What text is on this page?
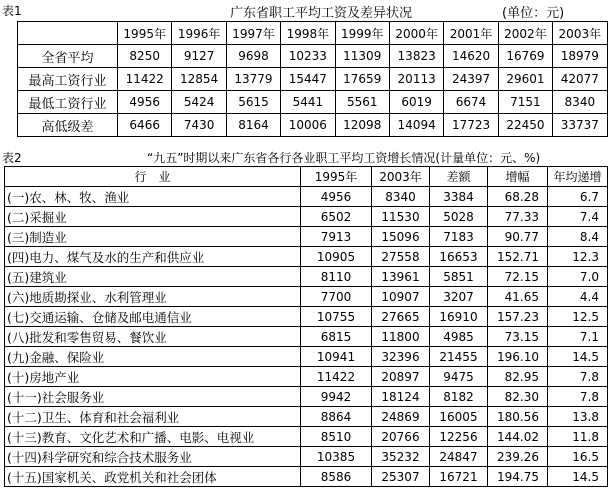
表1	广东省职工平均工资及差异状况	(单位：元)
	1995年	1996年	1997年	1998年	1999年	2000年	2001年	2002年	2003年
全省平均	8250	9127	9698	10233	11309	13823	14620	16769	18979
最高工资行业	11422	12854	13779	15447	17659	20113	24397	29601	42077
最低工资行业	4956	5424	5615	5441	5561	6019	6674	7151	8340
高低级差	6466	7430	8164	10006	12098	14094	17723	22450	33737
表2	“九五”时期以来广东省各行各业职工平均工资增长情况(计量单位：元、%)
行　业	1995年	2003年	差额	增幅	年均递增
(一)农、林、牧、渔业	4956	8340	3384	68.28	6.7
(二)采掘业	6502	11530	5028	77.33	7.4
(三)制造业	7913	15096	7183	90.77	8.4
(四)电力、煤气及水的生产和供应业	10905	27558	16653	152.71	12.3
(五)建筑业	8110	13961	5851	72.15	7.0
(六)地质勘探业、水利管理业	7700	10907	3207	41.65	4.4
(七)交通运输、仓储及邮电通信业	10755	27665	16910	157.23	12.5
(八)批发和零售贸易、餐饮业	6815	11800	4985	73.15	7.1
(九)金融、保险业	10941	32396	21455	196.10	14.5
(十)房地产业	11422	20897	9475	82.95	7.8
(十一)社会服务业	9942	18124	8182	82.30	7.8
(十二)卫生、体育和社会福利业	8864	24869	16005	180.56	13.8
(十三)教育、文化艺术和广播、电影、电视业	8510	20766	12256	144.02	11.8
(十四)科学研究和综合技术服务业	10385	35232	24847	239.26	16.5
(十五)国家机关、政党机关和社会团体	8586	25307	16721	194.75	14.5
